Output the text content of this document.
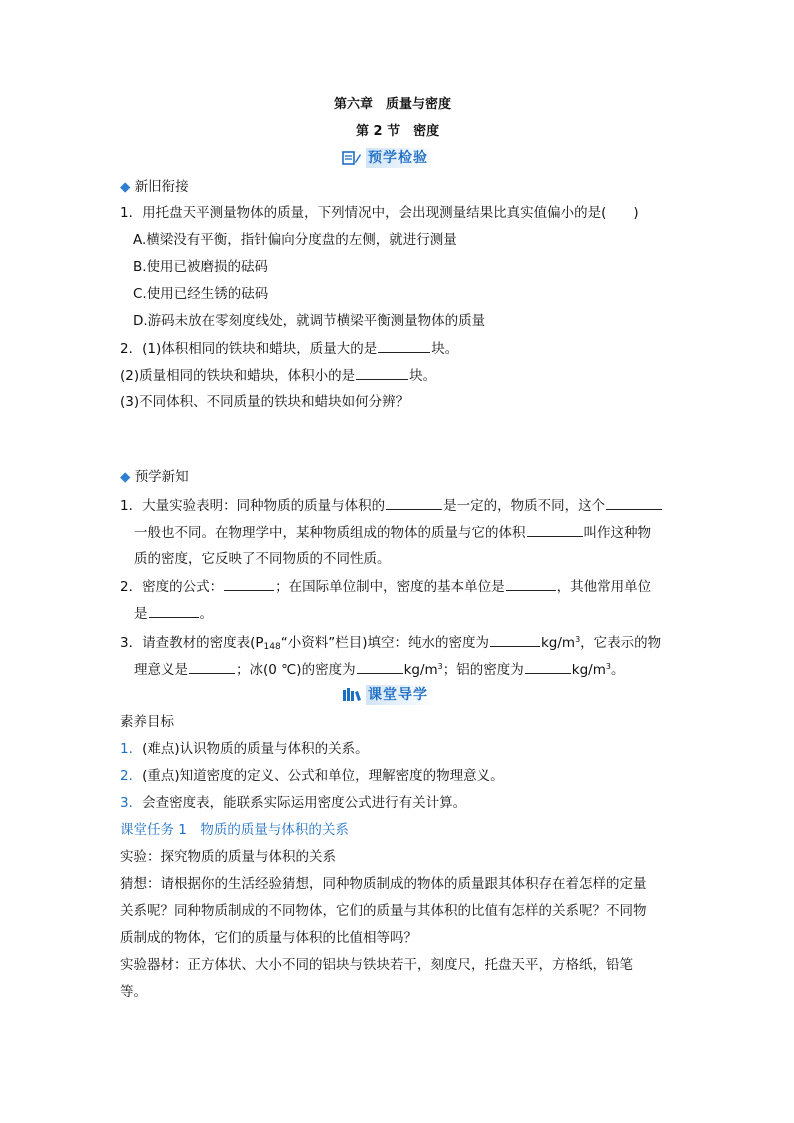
第六章　质量与密度
第 2 节　密度
预学检验
◆ 新旧衔接
1．用托盘天平测量物体的质量，下列情况中，会出现测量结果比真实值偏小的是(　　)
A.横梁没有平衡，指针偏向分度盘的左侧，就进行测量
B.使用已被磨损的砝码
C.使用已经生锈的砝码
D.游码未放在零刻度线处，就调节横梁平衡测量物体的质量
2．(1)体积相同的铁块和蜡块，质量大的是	块。
(2)质量相同的铁块和蜡块，体积小的是	块。
(3)不同体积、不同质量的铁块和蜡块如何分辨？
◆ 预学新知
1．大量实验表明：同种物质的质量与体积的	是一定的，物质不同，这个
一般也不同。在物理学中，某种物质组成的物体的质量与它的体积	叫作这种物
质的密度，它反映了不同物质的不同性质。
2．密度的公式：	；在国际单位制中，密度的基本单位是	，其他常用单位
是	。
3．请查教材的密度表($P_{148}“$小资料”栏目)填空：纯水的密度为	$kg/m^3$，它表示的物
理意义是	；冰(0 ℃)的密度为	$kg/m^3$；铝的密度为	$kg/m^3$。
课堂导学
素养目标
1．(难点)认识物质的质量与体积的关系。
2．(重点)知道密度的定义、公式和单位，理解密度的物理意义。
3．会查密度表，能联系实际运用密度公式进行有关计算。
课堂任务 1　物质的质量与体积的关系
实验：探究物质的质量与体积的关系
猜想：请根据你的生活经验猜想，同种物质制成的物体的质量跟其体积存在着怎样的定量
关系呢？同种物质制成的不同物体，它们的质量与其体积的比值有怎样的关系呢？不同物
质制成的物体，它们的质量与体积的比值相等吗？
实验器材：正方体状、大小不同的铝块与铁块若干，刻度尺，托盘天平，方格纸，铅笔
等。
